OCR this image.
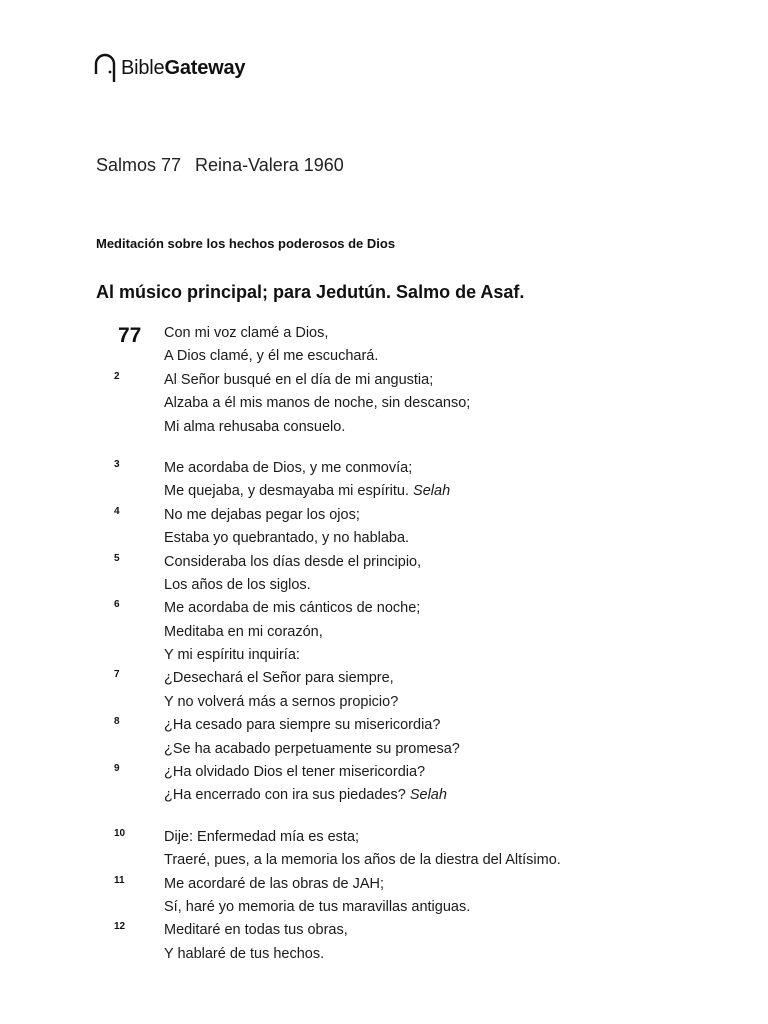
BibleGateway
Salmos 77 Reina-Valera 1960
Meditación sobre los hechos poderosos de Dios
Al músico principal; para Jedutún. Salmo de Asaf.
77 Con mi voz clamé a Dios,
A Dios clamé, y él me escuchará.
2	Al Señor busqué en el día de mi angustia;
Alzaba a él mis manos de noche, sin descanso;
Mi alma rehusaba consuelo.
3	Me acordaba de Dios, y me conmovía;
Me quejaba, y desmayaba mi espíritu. Selah
4	No me dejabas pegar los ojos;
Estaba yo quebrantado, y no hablaba.
5	Consideraba los días desde el principio,
Los años de los siglos.
6	Me acordaba de mis cánticos de noche;
Meditaba en mi corazón,
Y mi espíritu inquiría:
7	¿Desechará el Señor para siempre,
Y no volverá más a sernos propicio?
8	¿Ha cesado para siempre su misericordia?
¿Se ha acabado perpetuamente su promesa?
9	¿Ha olvidado Dios el tener misericordia?
¿Ha encerrado con ira sus piedades? Selah
10	Dije: Enfermedad mía es esta;
Traeré, pues, a la memoria los años de la diestra del Altísimo.
11	Me acordaré de las obras de JAH;
Sí, haré yo memoria de tus maravillas antiguas.
12	Meditaré en todas tus obras,
Y hablaré de tus hechos.
